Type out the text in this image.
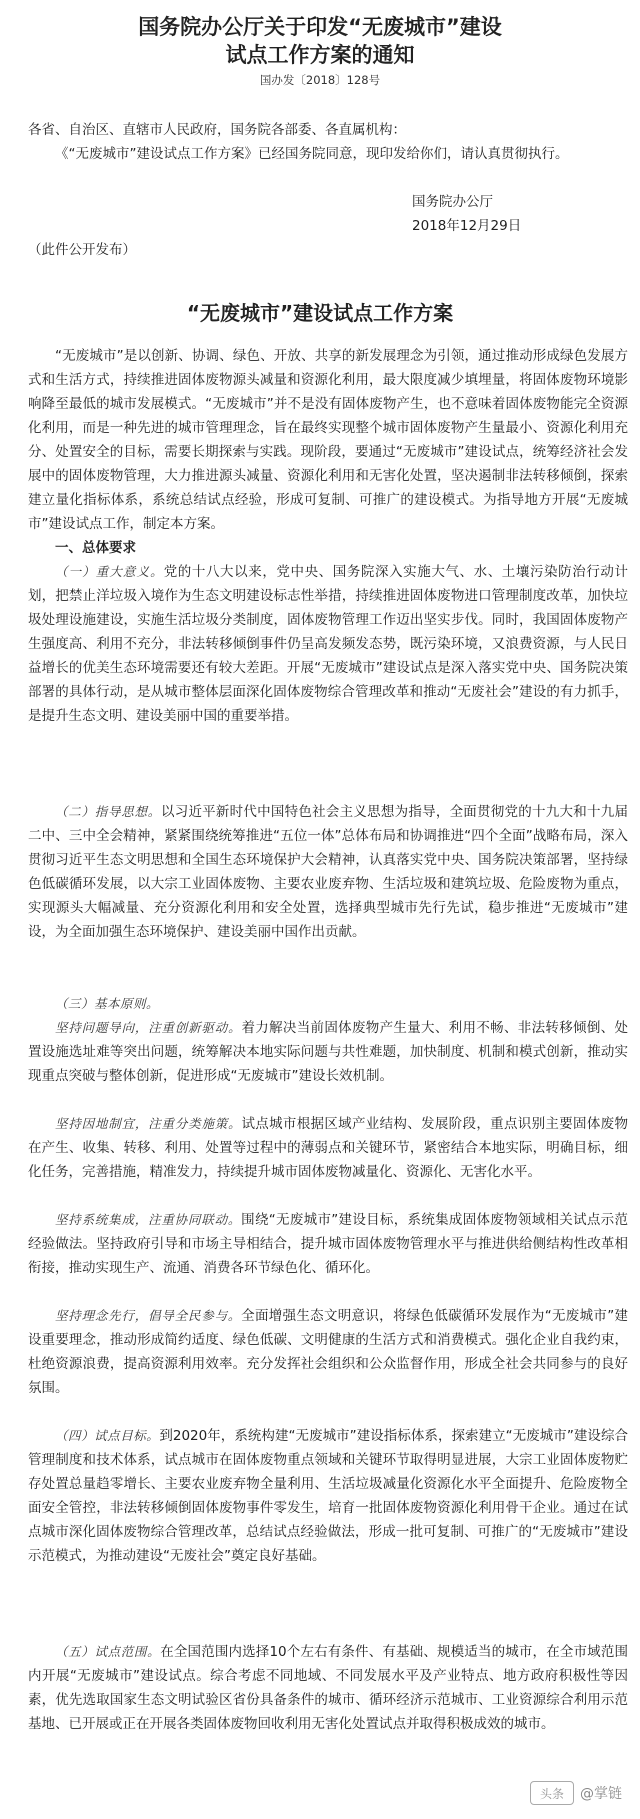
国务院办公厅关于印发“无废城市”建设
试点工作方案的通知
国办发〔2018〕128号
各省、自治区、直辖市人民政府，国务院各部委、各直属机构：
《“无废城市”建设试点工作方案》已经国务院同意，现印发给你们，请认真贯彻执行。
国务院办公厅
2018年12月29日
（此件公开发布）
“无废城市”建设试点工作方案
“无废城市”是以创新、协调、绿色、开放、共享的新发展理念为引领，通过推动形成绿色发展方式和生活方式，持续推进固体废物源头减量和资源化利用，最大限度减少填埋量，将固体废物环境影响降至最低的城市发展模式。“无废城市”并不是没有固体废物产生，也不意味着固体废物能完全资源化利用，而是一种先进的城市管理理念，旨在最终实现整个城市固体废物产生量最小、资源化利用充分、处置安全的目标，需要长期探索与实践。现阶段，要通过“无废城市”建设试点，统筹经济社会发展中的固体废物管理，大力推进源头减量、资源化利用和无害化处置，坚决遏制非法转移倾倒，探索建立量化指标体系，系统总结试点经验，形成可复制、可推广的建设模式。为指导地方开展“无废城市”建设试点工作，制定本方案。
一、总体要求
（一）重大意义。党的十八大以来，党中央、国务院深入实施大气、水、土壤污染防治行动计划，把禁止洋垃圾入境作为生态文明建设标志性举措，持续推进固体废物进口管理制度改革，加快垃圾处理设施建设，实施生活垃圾分类制度，固体废物管理工作迈出坚实步伐。同时，我国固体废物产生强度高、利用不充分，非法转移倾倒事件仍呈高发频发态势，既污染环境，又浪费资源，与人民日益增长的优美生态环境需要还有较大差距。开展“无废城市”建设试点是深入落实党中央、国务院决策部署的具体行动，是从城市整体层面深化固体废物综合管理改革和推动“无废社会”建设的有力抓手，是提升生态文明、建设美丽中国的重要举措。
（二）指导思想。以习近平新时代中国特色社会主义思想为指导，全面贯彻党的十九大和十九届二中、三中全会精神，紧紧围绕统筹推进“五位一体”总体布局和协调推进“四个全面”战略布局，深入贯彻习近平生态文明思想和全国生态环境保护大会精神，认真落实党中央、国务院决策部署，坚持绿色低碳循环发展，以大宗工业固体废物、主要农业废弃物、生活垃圾和建筑垃圾、危险废物为重点，实现源头大幅减量、充分资源化利用和安全处置，选择典型城市先行先试，稳步推进“无废城市”建设，为全面加强生态环境保护、建设美丽中国作出贡献。
（三）基本原则。
坚持问题导向，注重创新驱动。着力解决当前固体废物产生量大、利用不畅、非法转移倾倒、处置设施选址难等突出问题，统筹解决本地实际问题与共性难题，加快制度、机制和模式创新，推动实现重点突破与整体创新，促进形成“无废城市”建设长效机制。
坚持因地制宜，注重分类施策。试点城市根据区域产业结构、发展阶段，重点识别主要固体废物在产生、收集、转移、利用、处置等过程中的薄弱点和关键环节，紧密结合本地实际，明确目标，细化任务，完善措施，精准发力，持续提升城市固体废物减量化、资源化、无害化水平。
坚持系统集成，注重协同联动。围绕“无废城市”建设目标，系统集成固体废物领域相关试点示范经验做法。坚持政府引导和市场主导相结合，提升城市固体废物管理水平与推进供给侧结构性改革相衔接，推动实现生产、流通、消费各环节绿色化、循环化。
坚持理念先行，倡导全民参与。全面增强生态文明意识，将绿色低碳循环发展作为“无废城市”建设重要理念，推动形成简约适度、绿色低碳、文明健康的生活方式和消费模式。强化企业自我约束，杜绝资源浪费，提高资源利用效率。充分发挥社会组织和公众监督作用，形成全社会共同参与的良好氛围。
（四）试点目标。到2020年，系统构建“无废城市”建设指标体系，探索建立“无废城市”建设综合管理制度和技术体系，试点城市在固体废物重点领域和关键环节取得明显进展，大宗工业固体废物贮存处置总量趋零增长、主要农业废弃物全量利用、生活垃圾减量化资源化水平全面提升、危险废物全面安全管控，非法转移倾倒固体废物事件零发生，培育一批固体废物资源化利用骨干企业。通过在试点城市深化固体废物综合管理改革，总结试点经验做法，形成一批可复制、可推广的“无废城市”建设示范模式，为推动建设“无废社会”奠定良好基础。
（五）试点范围。在全国范围内选择10个左右有条件、有基础、规模适当的城市，在全市域范围内开展“无废城市”建设试点。综合考虑不同地域、不同发展水平及产业特点、地方政府积极性等因素，优先选取国家生态文明试验区省份具备条件的城市、循环经济示范城市、工业资源综合利用示范基地、已开展或正在开展各类固体废物回收利用无害化处置试点并取得积极成效的城市。
头条	@掌链
